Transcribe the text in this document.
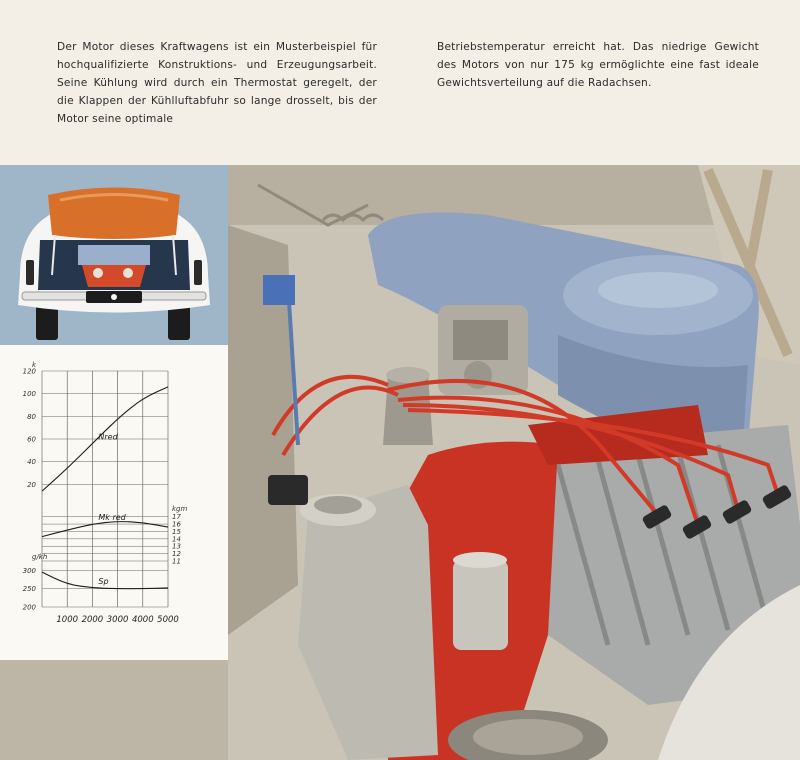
Der Motor dieses Kraftwagens ist ein Musterbeispiel für hochqualifizierte Konstruktions- und Erzeugungsarbeit. Seine Kühlung wird durch ein Thermostat geregelt, der die Klappen der Kühlluftabfuhr so lange drosselt, bis der Motor seine optimale

Betriebstemperatur erreicht hat. Das niedrige Gewicht des Motors von nur 175 kg ermöglichte eine fast ideale Gewichtsverteilung auf die Radachsen.

1000 2000 3000 4000 5000
k
120
100
80
60
40
20
kgm
17
16
15
14
13
12
11
g/kh
300
250
200
Nred
Mk red
Sp
